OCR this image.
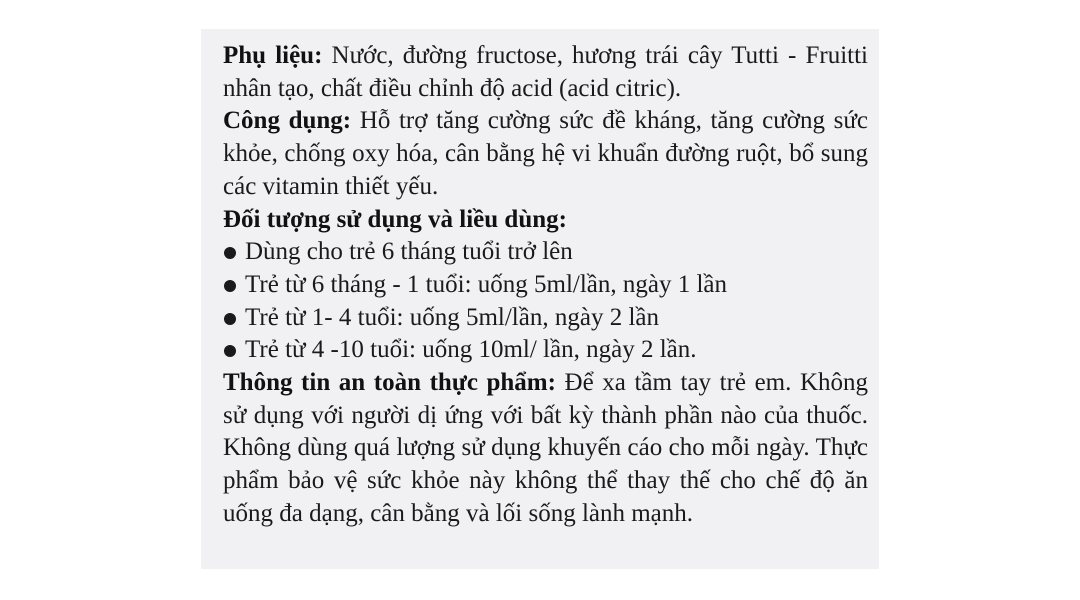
Phụ liệu: Nước, đường fructose, hương trái cây Tutti - Fruitti nhân tạo, chất điều chỉnh độ acid (acid citric).

Công dụng: Hỗ trợ tăng cường sức đề kháng, tăng cường sức khỏe, chống oxy hóa, cân bằng hệ vi khuẩn đường ruột, bổ sung các vitamin thiết yếu.

Đối tượng sử dụng và liều dùng:

Dùng cho trẻ 6 tháng tuổi trở lên
Trẻ từ 6 tháng - 1 tuổi: uống 5ml/lần, ngày 1 lần
Trẻ từ 1- 4 tuổi: uống 5ml/lần, ngày 2 lần
Trẻ từ 4 -10 tuổi: uống 10ml/ lần, ngày 2 lần.

Thông tin an toàn thực phẩm: Để xa tầm tay trẻ em. Không sử dụng với người dị ứng với bất kỳ thành phần nào của thuốc. Không dùng quá lượng sử dụng khuyến cáo cho mỗi ngày. Thực phẩm bảo vệ sức khỏe này không thể thay thế cho chế độ ăn uống đa dạng, cân bằng và lối sống lành mạnh.
